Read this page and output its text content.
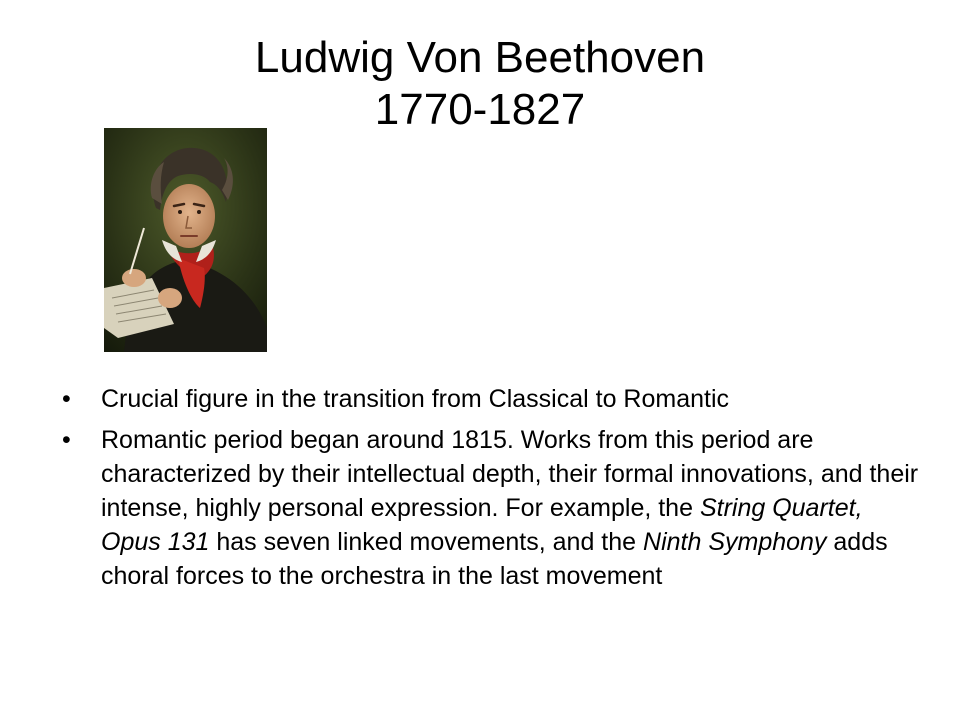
Ludwig Von Beethoven
1770-1827
• Crucial figure in the transition from Classical to Romantic
• Romantic period began around 1815. Works from this period are characterized by their intellectual depth, their formal innovations, and their intense, highly personal expression. For example, the String Quartet, Opus 131 has seven linked movements, and the Ninth Symphony adds choral forces to the orchestra in the last movement
